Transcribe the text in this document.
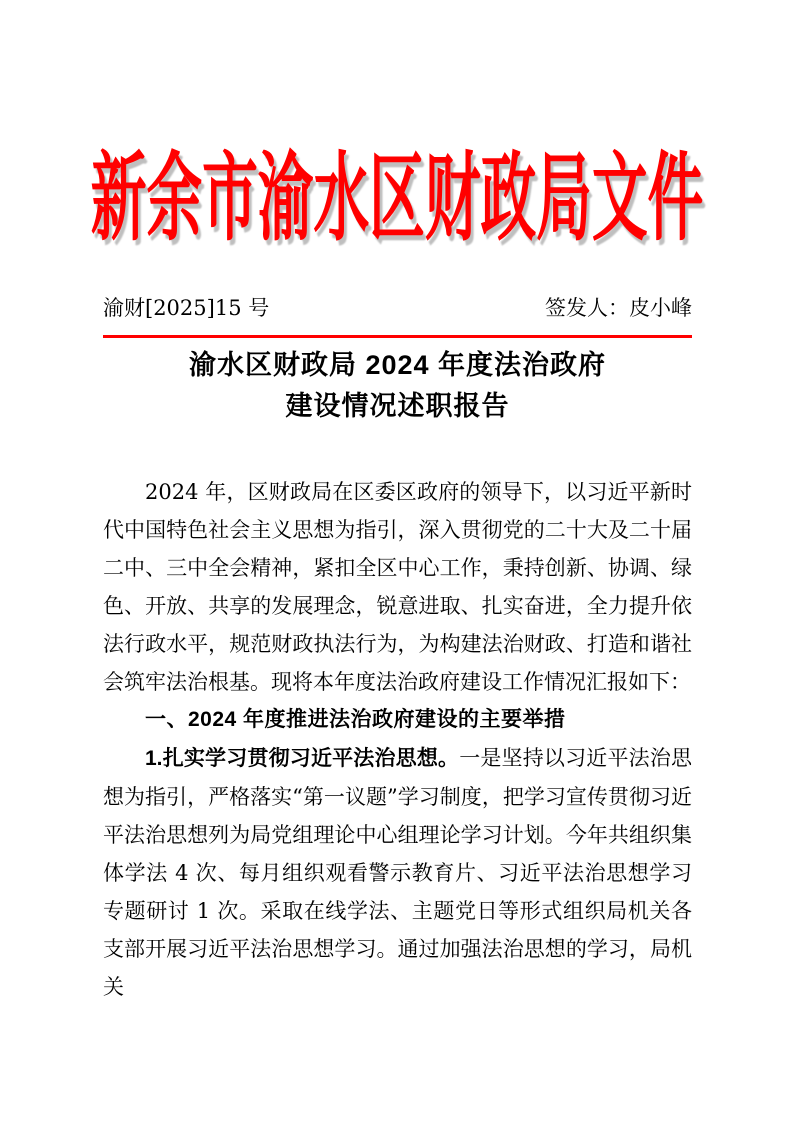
新余市渝水区财政局文件
渝财[2025]15 号	签发人：皮小峰
渝水区财政局 2024 年度法治政府
建设情况述职报告

2024 年，区财政局在区委区政府的领导下，以习近平新时代中国特色社会主义思想为指引，深入贯彻党的二十大及二十届二中、三中全会精神，紧扣全区中心工作，秉持创新、协调、绿色、开放、共享的发展理念，锐意进取、扎实奋进，全力提升依法行政水平，规范财政执法行为，为构建法治财政、打造和谐社会筑牢法治根基。现将本年度法治政府建设工作情况汇报如下：

一、2024 年度推进法治政府建设的主要举措

1.扎实学习贯彻习近平法治思想。一是坚持以习近平法治思想为指引，严格落实“第一议题”学习制度，把学习宣传贯彻习近平法治思想列为局党组理论中心组理论学习计划。今年共组织集体学法 4 次、每月组织观看警示教育片、习近平法治思想学习专题研讨 1 次。采取在线学法、主题党日等形式组织局机关各支部开展习近平法治思想学习。通过加强法治思想的学习，局机关
